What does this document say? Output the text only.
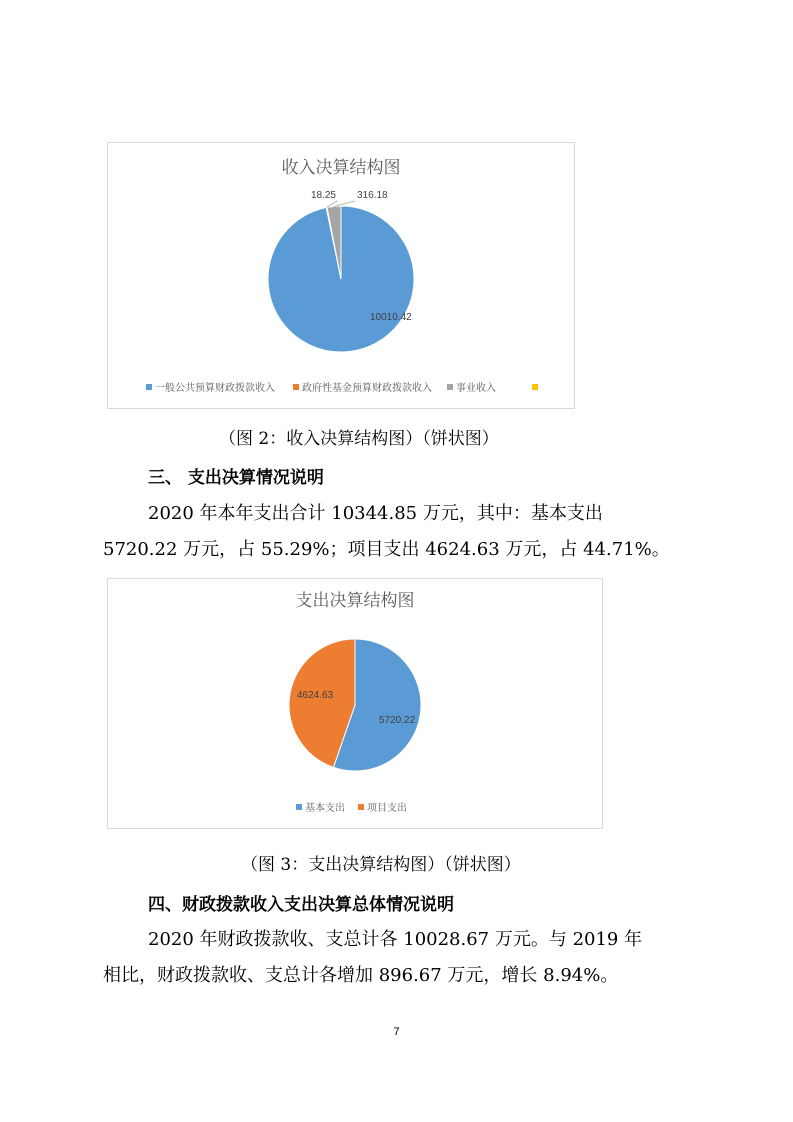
收入决算结构图
10010.42
18.25 316.18
一般公共预算财政拨款收入	政府性基金预算财政拨款收入 事业收入
（图 2：收入决算结构图）（饼状图）
三、 支出决算情况说明
2020 年本年支出合计 10344.85 万元，其中：基本支出
5720.22 万元，占 55.29%；项目支出 4624.63 万元，占 44.71%。
支出决算结构图
5720.22
4624.63
基本支出 项目支出
（图 3：支出决算结构图）（饼状图）
四、财政拨款收入支出决算总体情况说明
2020 年财政拨款收、支总计各 10028.67 万元。与 2019 年
相比，财政拨款收、支总计各增加 896.67 万元，增长 8.94%。
7
